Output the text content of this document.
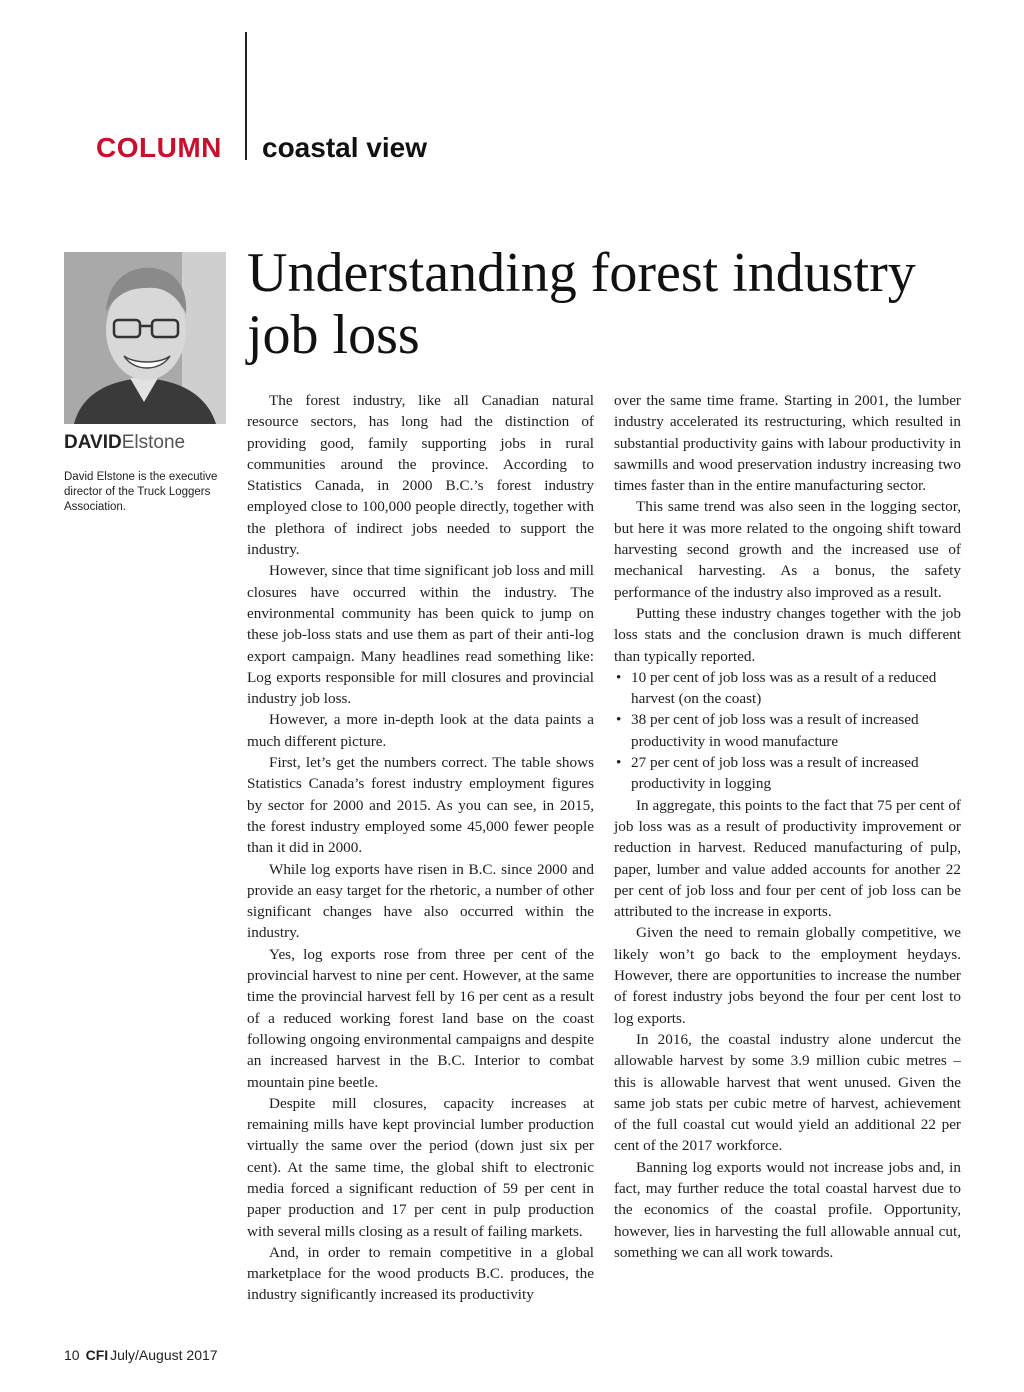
COLUMN coastal view
Understanding forest industry job loss
DAVIDElstone
David Elstone is the executive director of the Truck Loggers Association.

The forest industry, like all Canadian natural resource sectors, has long had the distinction of providing good, family supporting jobs in rural communities around the province. According to Statistics Canada, in 2000 B.C.’s forest industry employed close to 100,000 people directly, together with the plethora of indirect jobs needed to support the industry.

However, since that time significant job loss and mill closures have occurred within the industry. The environmental community has been quick to jump on these job-loss stats and use them as part of their anti-log export campaign. Many headlines read something like: Log exports responsible for mill closures and provincial industry job loss.

However, a more in-depth look at the data paints a much different picture.

First, let’s get the numbers correct. The table shows Statistics Canada’s forest industry employment figures by sector for 2000 and 2015. As you can see, in 2015, the forest industry employed some 45,000 fewer people than it did in 2000.

While log exports have risen in B.C. since 2000 and provide an easy target for the rhetoric, a number of other significant changes have also occurred within the industry.

Yes, log exports rose from three per cent of the provincial harvest to nine per cent. However, at the same time the provincial harvest fell by 16 per cent as a result of a reduced working forest land base on the coast following ongoing environmental campaigns and despite an increased harvest in the B.C. Interior to combat mountain pine beetle.

Despite mill closures, capacity increases at remaining mills have kept provincial lumber production virtually the same over the period (down just six per cent). At the same time, the global shift to electronic media forced a significant reduction of 59 per cent in paper production and 17 per cent in pulp production with several mills closing as a result of failing markets.

And, in order to remain competitive in a global marketplace for the wood products B.C. produces, the industry significantly increased its productivity

over the same time frame. Starting in 2001, the lumber industry accelerated its restructuring, which resulted in substantial productivity gains with labour productivity in sawmills and wood preservation industry increasing two times faster than in the entire manufacturing sector.

This same trend was also seen in the logging sector, but here it was more related to the ongoing shift toward harvesting second growth and the increased use of mechanical harvesting. As a bonus, the safety performance of the industry also improved as a result.

Putting these industry changes together with the job loss stats and the conclusion drawn is much different than typically reported.

• 10 per cent of job loss was as a result of a reduced harvest (on the coast)
• 38 per cent of job loss was a result of increased productivity in wood manufacture
• 27 per cent of job loss was a result of increased productivity in logging

In aggregate, this points to the fact that 75 per cent of job loss was as a result of productivity improvement or reduction in harvest. Reduced manufacturing of pulp, paper, lumber and value added accounts for another 22 per cent of job loss and four per cent of job loss can be attributed to the increase in exports.

Given the need to remain globally competitive, we likely won’t go back to the employment heydays. However, there are opportunities to increase the number of forest industry jobs beyond the four per cent lost to log exports.

In 2016, the coastal industry alone undercut the allowable harvest by some 3.9 million cubic metres – this is allowable harvest that went unused. Given the same job stats per cubic metre of harvest, achievement of the full coastal cut would yield an additional 22 per cent of the 2017 workforce.

Banning log exports would not increase jobs and, in fact, may further reduce the total coastal harvest due to the economics of the coastal profile. Opportunity, however, lies in harvesting the full allowable annual cut, something we can all work towards.

10 CFI July/August 2017
